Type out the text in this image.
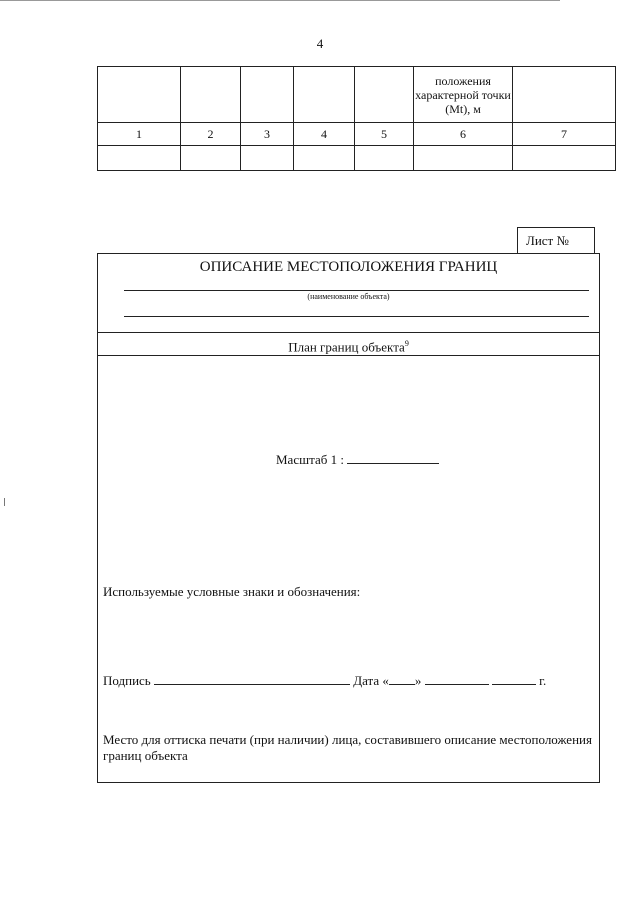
4
					положения характерной точки (Mt), м	
1	2	3	4	5	6	7

Лист №
ОПИСАНИЕ МЕСТОПОЛОЖЕНИЯ ГРАНИЦ
(наименование объекта)
План границ объекта$^9$
Масштаб 1 :
Используемые условные знаки и обозначения:
Подпись	Дата « »	г.
Место для оттиска печати (при наличии) лица, составившего описание местоположения границ объекта
